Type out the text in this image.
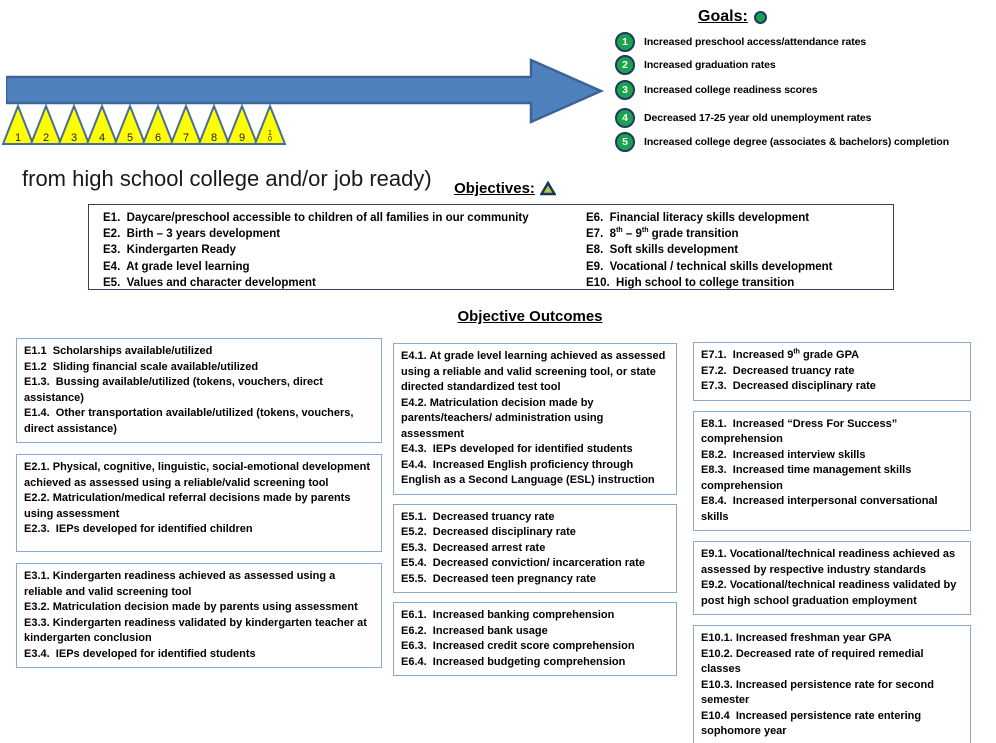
from high school college and/or job ready)

1	2	3	4	5	6	7	8	9	10
Goals:
1	Increased preschool access/attendance rates
2	Increased graduation rates
3	Increased college readiness scores
4	Decreased 17-25 year old unemployment rates
5	Increased college degree (associates & bachelors) completion
Objectives:
E1.  Daycare/preschool accessible to children of all families in our community
E2.  Birth – 3 years development
E3.  Kindergarten Ready
E4.  At grade level learning
E5.  Values and character development
E6.  Financial literacy skills development
E7.  8th – 9th grade transition
E8.  Soft skills development
E9.  Vocational / technical skills development
E10.  High school to college transition
Objective Outcomes
E1.1  Scholarships available/utilized
E1.2  Sliding financial scale available/utilized
E1.3.  Bussing available/utilized (tokens, vouchers, direct assistance)
E1.4.  Other transportation available/utilized (tokens, vouchers, direct assistance)
E2.1. Physical, cognitive, linguistic, social-emotional development achieved as assessed using a reliable/valid screening tool
E2.2. Matriculation/medical referral decisions made by parents using assessment
E2.3.  IEPs developed for identified children
E3.1. Kindergarten readiness achieved as assessed using a reliable and valid screening tool
E3.2. Matriculation decision made by parents using assessment
E3.3. Kindergarten readiness validated by kindergarten teacher at kindergarten conclusion
E3.4.  IEPs developed for identified students
E4.1. At grade level learning achieved as assessed using a reliable and valid screening tool, or state directed standardized test tool
E4.2. Matriculation decision made by parents/teachers/ administration using assessment
E4.3.  IEPs developed for identified students
E4.4.  Increased English proficiency through English as a Second Language (ESL) instruction
E5.1.  Decreased truancy rate
E5.2.  Decreased disciplinary rate
E5.3.  Decreased arrest rate
E5.4.  Decreased conviction/ incarceration rate
E5.5.  Decreased teen pregnancy rate
E6.1.  Increased banking comprehension
E6.2.  Increased bank usage
E6.3.  Increased credit score comprehension
E6.4.  Increased budgeting comprehension
E7.1.  Increased 9th grade GPA
E7.2.  Decreased truancy rate
E7.3.  Decreased disciplinary rate
E8.1.  Increased “Dress For Success” comprehension
E8.2.  Increased interview skills
E8.3.  Increased time management skills comprehension
E8.4.  Increased interpersonal conversational skills
E9.1. Vocational/technical readiness achieved as assessed by respective industry standards
E9.2. Vocational/technical readiness validated by post high school graduation employment
E10.1. Increased freshman year GPA
E10.2. Decreased rate of required remedial classes
E10.3. Increased persistence rate for second semester
E10.4  Increased persistence rate entering sophomore year
